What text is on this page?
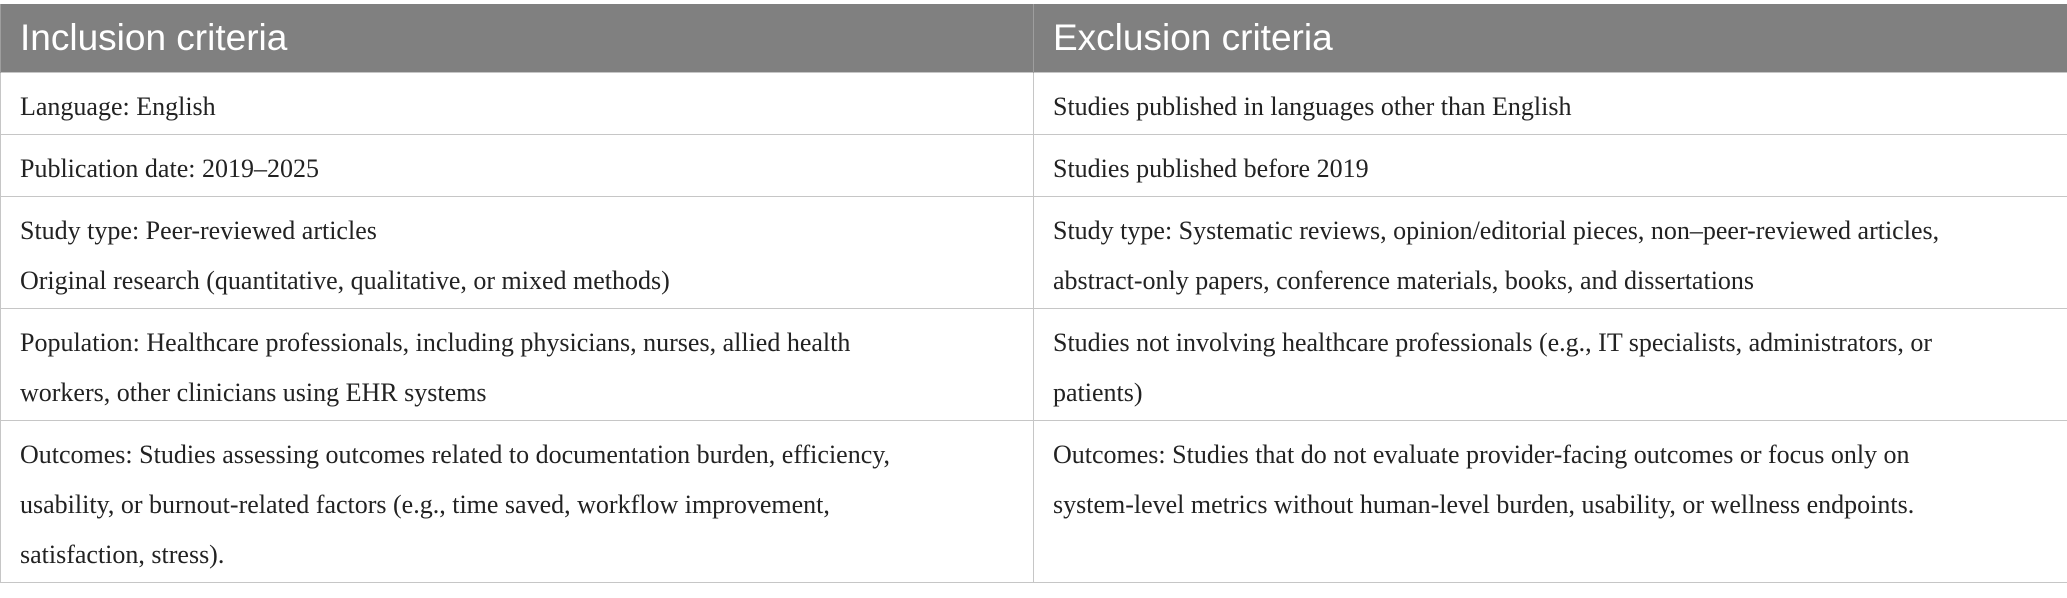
Inclusion criteria	Exclusion criteria

Language: English	Studies published in languages other than English

Publication date: 2019–2025	Studies published before 2019

Study type: Peer-reviewed articles
Original research (quantitative, qualitative, or mixed methods)	Study type: Systematic reviews, opinion/editorial pieces, non–peer-reviewed articles,
abstract-only papers, conference materials, books, and dissertations

Population: Healthcare professionals, including physicians, nurses, allied health
workers, other clinicians using EHR systems	Studies not involving healthcare professionals (e.g., IT specialists, administrators, or
patients)

Outcomes: Studies assessing outcomes related to documentation burden, efficiency,
usability, or burnout-related factors (e.g., time saved, workflow improvement,
satisfaction, stress).	Outcomes: Studies that do not evaluate provider-facing outcomes or focus only on
system-level metrics without human-level burden, usability, or wellness endpoints.
